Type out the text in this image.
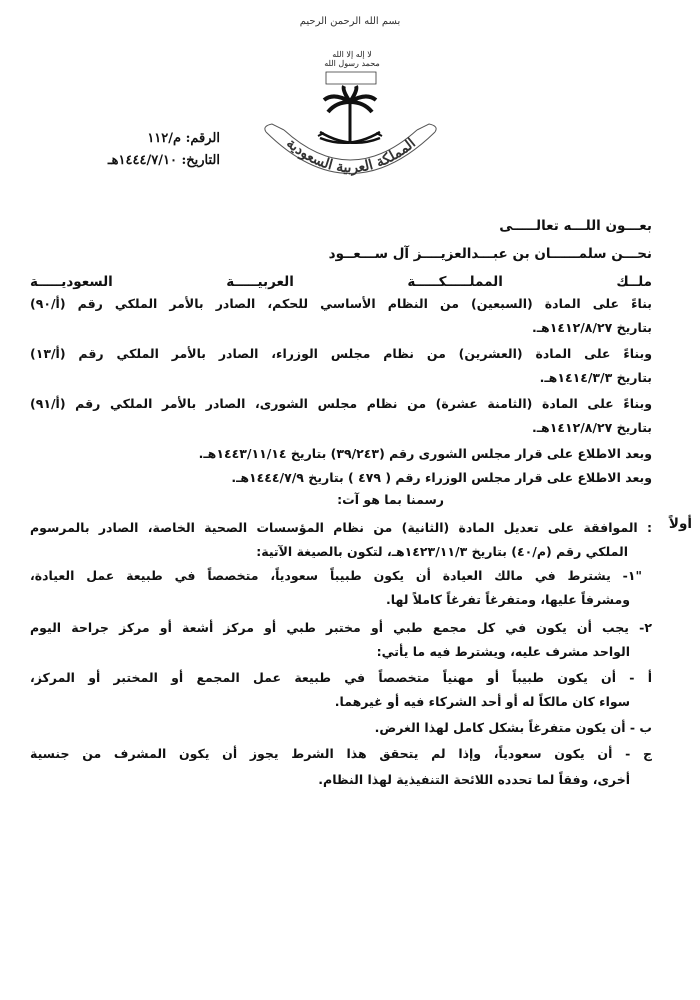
بسم الله الرحمن الرحيم
لا إله إلا الله محمد رسول الله
المملكة العربية السعودية
الرقم: م/١١٢
التاريخ: ١٤٤٤/٧/١٠هـ
بعـــون اللـــه تعالـــــى
نحـــن سلمــــــان بن عبـــدالعزيــــز آل ســـعــود
ملــك المملـــــكـــــة العربيـــــة السعوديـــــة
بناءً على المادة (السبعين) من النظام الأساسي للحكم، الصادر بالأمر الملكي رقم (أ/٩٠)
بتاريخ ١٤١٢/٨/٢٧هـ.
وبناءً على المادة (العشرين) من نظام مجلس الوزراء، الصادر بالأمر الملكي رقم (أ/١٣)
بتاريخ ١٤١٤/٣/٣هـ.
وبناءً على المادة (الثامنة عشرة) من نظام مجلس الشورى، الصادر بالأمر الملكي رقم (أ/٩١)
بتاريخ ١٤١٢/٨/٢٧هـ.
وبعد الاطلاع على قرار مجلس الشورى رقم (٣٩/٢٤٣) بتاريخ ١٤٤٣/١١/١٤هـ.
وبعد الاطلاع على قرار مجلس الوزراء رقم ( ٤٧٩ ) بتاريخ ١٤٤٤/٧/٩هـ.
رسمنا بما هو آت:
أولاً
: الموافقة على تعديل المادة (الثانية) من نظام المؤسسات الصحية الخاصة، الصادر بالمرسوم
الملكي رقم (م/٤٠) بتاريخ ١٤٢٣/١١/٣هـ، لتكون بالصيغة الآتية:
"١- يشترط في مالك العيادة أن يكون طبيباً سعودياً، متخصصاً في طبيعة عمل العيادة،
ومشرفاً عليها، ومتفرغاً تفرغاً كاملاً لها.
٢- يجب أن يكون في كل مجمع طبي أو مختبر طبي أو مركز أشعة أو مركز جراحة اليوم
الواحد مشرف عليه، ويشترط فيه ما يأتي:
أ - أن يكون طبيباً أو مهنياً متخصصاً في طبيعة عمل المجمع أو المختبر أو المركز،
سواء كان مالكاً له أو أحد الشركاء فيه أو غيرهما.
ب - أن يكون متفرغاً بشكل كامل لهذا الغرض.
ج - أن يكون سعودياً، وإذا لم يتحقق هذا الشرط يجوز أن يكون المشرف من جنسية
أخرى، وفقاً لما تحدده اللائحة التنفيذية لهذا النظام.
